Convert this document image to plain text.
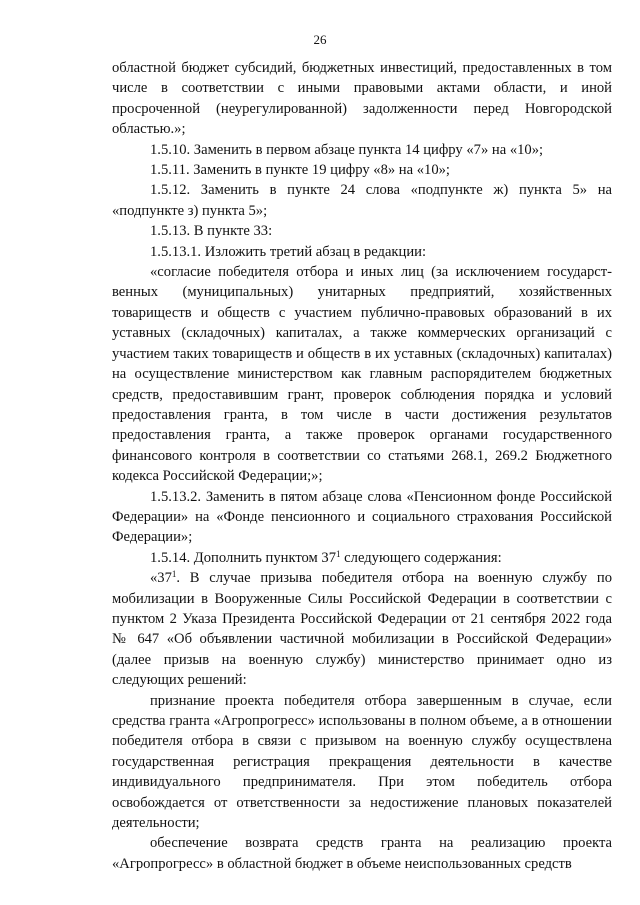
26

областной бюджет субсидий, бюджетных инвестиций, предоставленных в том числе в соответствии с иными правовыми актами области, и иной просроченной (неурегулированной) задолженности перед Новгородской областью.»;

1.5.10. Заменить в первом абзаце пункта 14 цифру «7» на «10»;

1.5.11. Заменить в пункте 19 цифру «8» на «10»;

1.5.12. Заменить в пункте 24 слова «подпункте ж) пункта 5» на «подпункте з) пункта 5»;

1.5.13. В пункте 33:

1.5.13.1. Изложить третий абзац в редакции:

«согласие победителя отбора и иных лиц (за исключением государст-венных (муниципальных) унитарных предприятий, хозяйственных товариществ и обществ с участием публично-правовых образований в их уставных (складочных) капиталах, а также коммерческих организаций с участием таких товариществ и обществ в их уставных (складочных) капиталах) на осуществление министерством как главным распорядителем бюджетных средств, предоставившим грант, проверок соблюдения порядка и условий предоставления гранта, в том числе в части достижения результатов предоставления гранта, а также проверок органами государственного финансового контроля в соответствии со статьями 268.1, 269.2 Бюджетного кодекса Российской Федерации;»;

1.5.13.2. Заменить в пятом абзаце слова «Пенсионном фонде Российской Федерации» на «Фонде пенсионного и социального страхования Российской Федерации»;

1.5.14. Дополнить пунктом $37^1$ следующего содержания:

«$37^1$. В случае призыва победителя отбора на военную службу по мобилизации в Вооруженные Силы Российской Федерации в соответствии с пунктом 2 Указа Президента Российской Федерации от 21 сентября 2022 года № 647 «Об объявлении частичной мобилизации в Российской Федерации» (далее призыв на военную службу) министерство принимает одно из следующих решений:

признание проекта победителя отбора завершенным в случае, если средства гранта «Агропрогресс» использованы в полном объеме, а в отношении победителя отбора в связи с призывом на военную службу осуществлена государственная регистрация прекращения деятельности в качестве индивидуального предпринимателя. При этом победитель отбора освобождается от ответственности за недостижение плановых показателей деятельности;

обеспечение возврата средств гранта на реализацию проекта «Агропрогресс» в областной бюджет в объеме неиспользованных средств
